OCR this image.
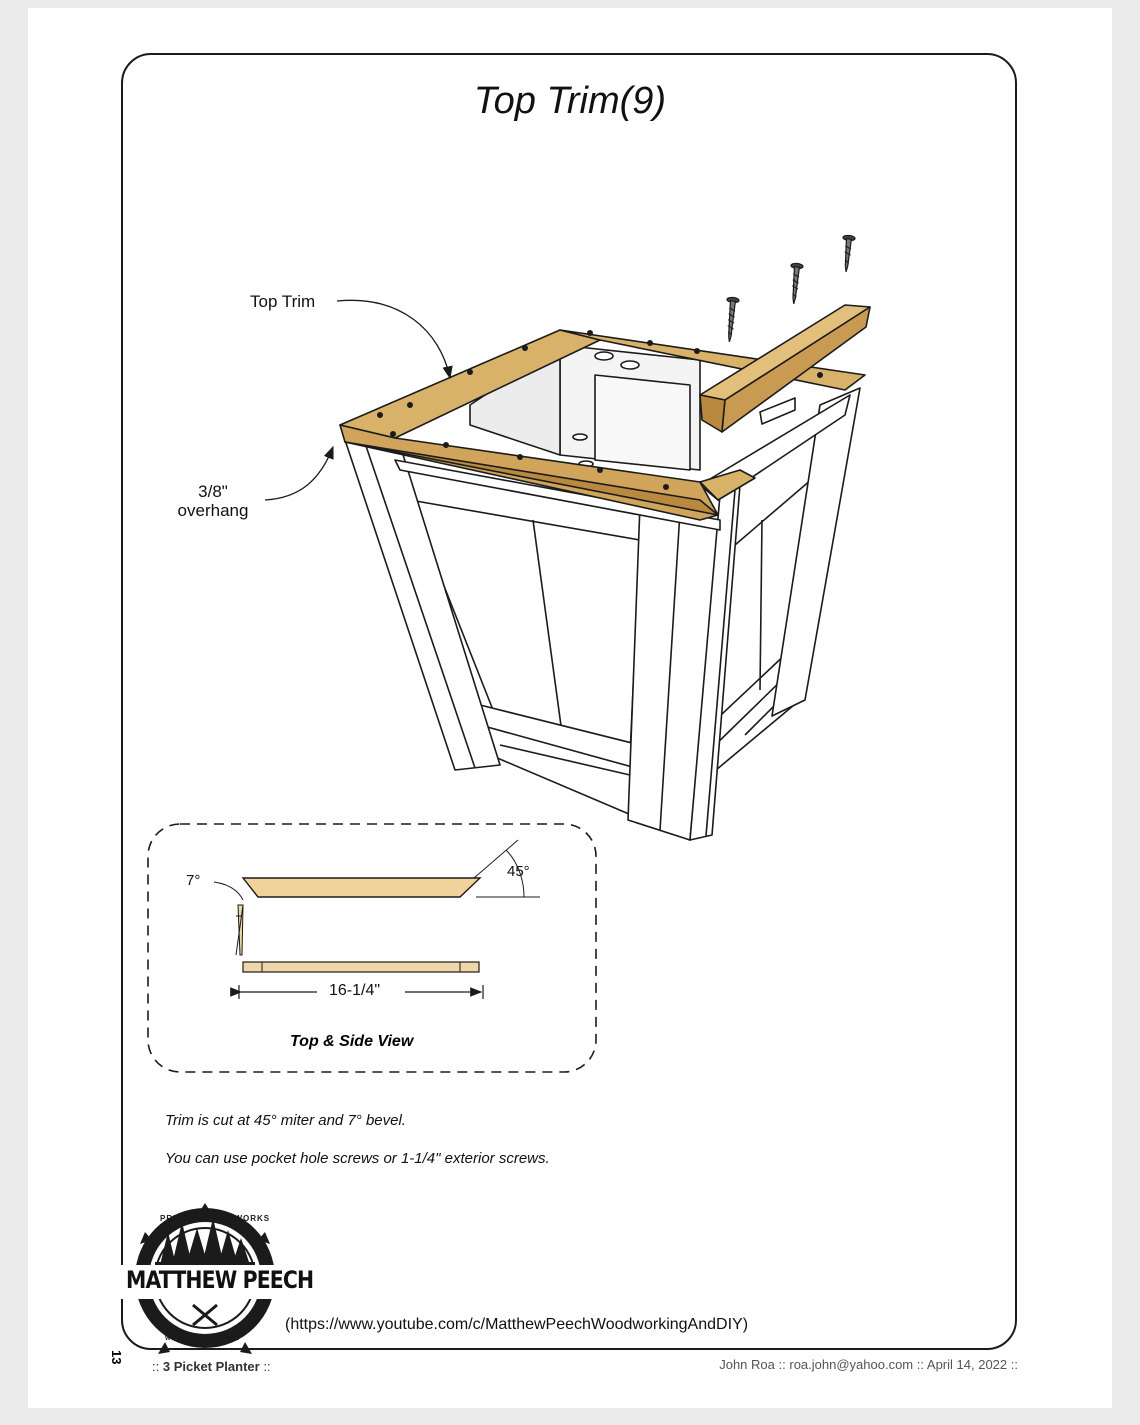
Top Trim(9)
Top Trim
3/8"
overhang
7°
45°
16-1/4"
Top & Side View
Trim is cut at 45° miter and 7° bevel.
You can use pocket hole screws or 1-1/4" exterior screws.
MATTHEW PEECH
PRIMITIVE MILLWORKS
WOODWORKING AND DIY
(https://www.youtube.com/c/MatthewPeechWoodworkingAndDIY)
13
:: 3 Picket Planter ::	John Roa :: roa.john@yahoo.com :: April 14, 2022 ::
